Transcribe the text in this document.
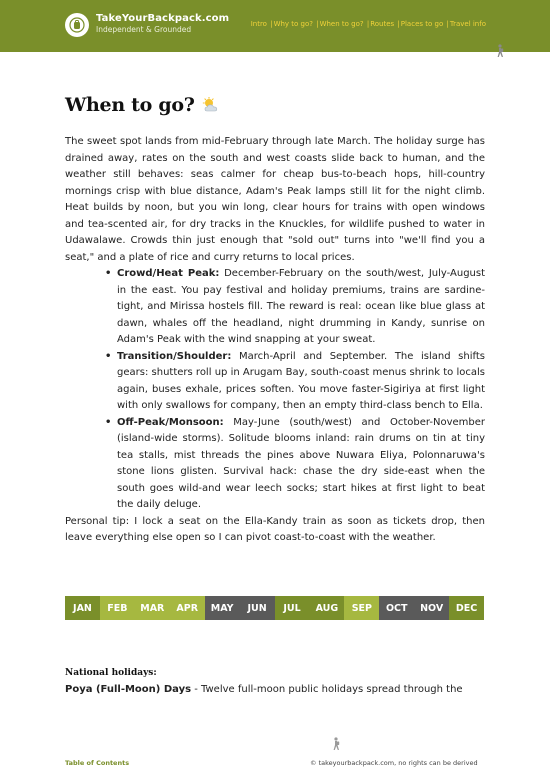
TakeYourBackpack.com
Independent & Grounded
Intro | Why to go? | When to go? | Routes | Places to go | Travel info
When to go?
The sweet spot lands from mid-February through late March. The holiday surge has drained away, rates on the south and west coasts slide back to human, and the weather still behaves: seas calmer for cheap bus-to-beach hops, hill-country mornings crisp with blue distance, Adam's Peak lamps still lit for the night climb. Heat builds by noon, but you win long, clear hours for trains with open windows and tea-scented air, for dry tracks in the Knuckles, for wildlife pushed to water in Udawalawe. Crowds thin just enough that "sold out" turns into "we'll find you a seat," and a plate of rice and curry returns to local prices.
• Crowd/Heat Peak: December-February on the south/west, July-August in the east. You pay festival and holiday premiums, trains are sardine-tight, and Mirissa hostels fill. The reward is real: ocean like blue glass at dawn, whales off the headland, night drumming in Kandy, sunrise on Adam's Peak with the wind snapping at your sweat.
• Transition/Shoulder: March-April and September. The island shifts gears: shutters roll up in Arugam Bay, south-coast menus shrink to locals again, buses exhale, prices soften. You move faster-Sigiriya at first light with only swallows for company, then an empty third-class bench to Ella.
• Off-Peak/Monsoon: May-June (south/west) and October-November (island-wide storms). Solitude blooms inland: rain drums on tin at tiny tea stalls, mist threads the pines above Nuwara Eliya, Polonnaruwa's stone lions glisten. Survival hack: chase the dry side-east when the south goes wild-and wear leech socks; start hikes at first light to beat the daily deluge.
Personal tip: I lock a seat on the Ella-Kandy train as soon as tickets drop, then leave everything else open so I can pivot coast-to-coast with the weather.
JAN	FEB	MAR	APR	MAY	JUN	JUL	AUG	SEP	OCT	NOV	DEC
National holidays:
Poya (Full-Moon) Days - Twelve full-moon public holidays spread through the
Table of Contents	© takeyourbackpack.com, no rights can be derived
